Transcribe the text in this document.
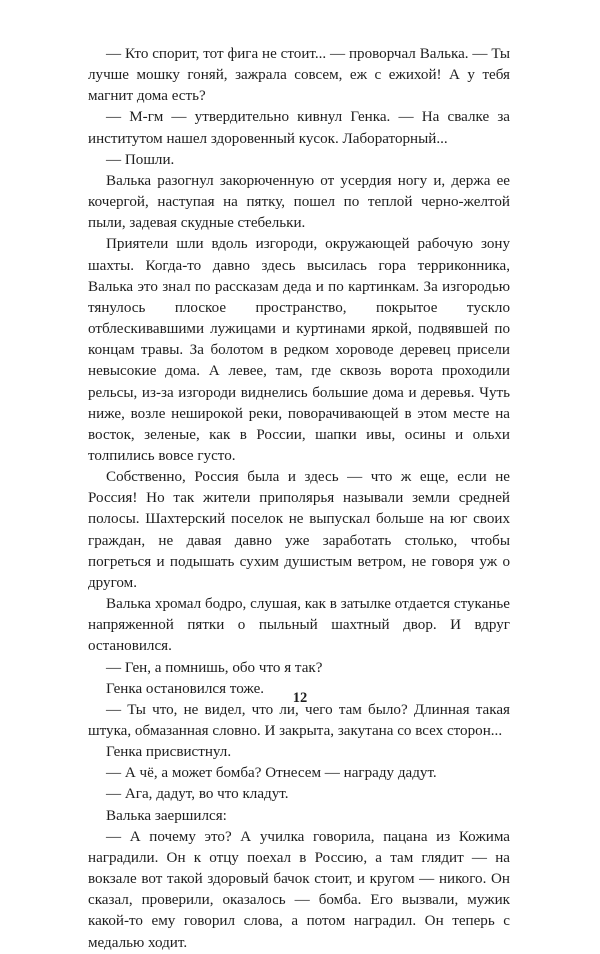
— Кто спорит, тот фига не стоит... — проворчал Валька. — Ты лучше мошку гоняй, зажрала совсем, еж с ежихой! А у тебя магнит дома есть?

— М-гм — утвердительно кивнул Генка. — На свалке за институтом нашел здоровенный кусок. Лабораторный...

— Пошли.

Валька разогнул закорюченную от усердия ногу и, держа ее кочергой, наступая на пятку, пошел по теплой черно-желтой пыли, задевая скудные стебельки.

Приятели шли вдоль изгороди, окружающей рабочую зону шахты. Когда-то давно здесь высилась гора терриконника, Валька это знал по рассказам деда и по картинкам. За изгородью тянулось плоское пространство, покрытое тускло отблескивавшими лужицами и куртинами яркой, подвявшей по концам травы. За болотом в редком хороводе деревец присели невысокие дома. А левее, там, где сквозь ворота проходили рельсы, из-за изгороди виднелись большие дома и деревья. Чуть ниже, возле неширокой реки, поворачивающей в этом месте на восток, зеленые, как в России, шапки ивы, осины и ольхи толпились вовсе густо.

Собственно, Россия была и здесь — что ж еще, если не Россия! Но так жители приполярья называли земли средней полосы. Шахтерский поселок не выпускал больше на юг своих граждан, не давая давно уже заработать столько, чтобы погреться и подышать сухим душистым ветром, не говоря уж о другом.

Валька хромал бодро, слушая, как в затылке отдается стуканье напряженной пятки о пыльный шахтный двор. И вдруг остановился.

— Ген, а помнишь, обо что я так?

Генка остановился тоже.

— Ты что, не видел, что ли, чего там было? Длинная такая штука, обмазанная словно. И закрыта, закутана со всех сторон...

Генка присвистнул.

— А чё, а может бомба? Отнесем — награду дадут.

— Ага, дадут, во что кладут.

Валька заершился:

— А почему это? А училка говорила, пацана из Кожима наградили. Он к отцу поехал в Россию, а там глядит — на вокзале вот такой здоровый бачок стоит, и кругом — никого. Он сказал, проверили, оказалось — бомба. Его вызвали, мужик какой-то ему говорил слова, а потом наградил. Он теперь с медалью ходит.

12
